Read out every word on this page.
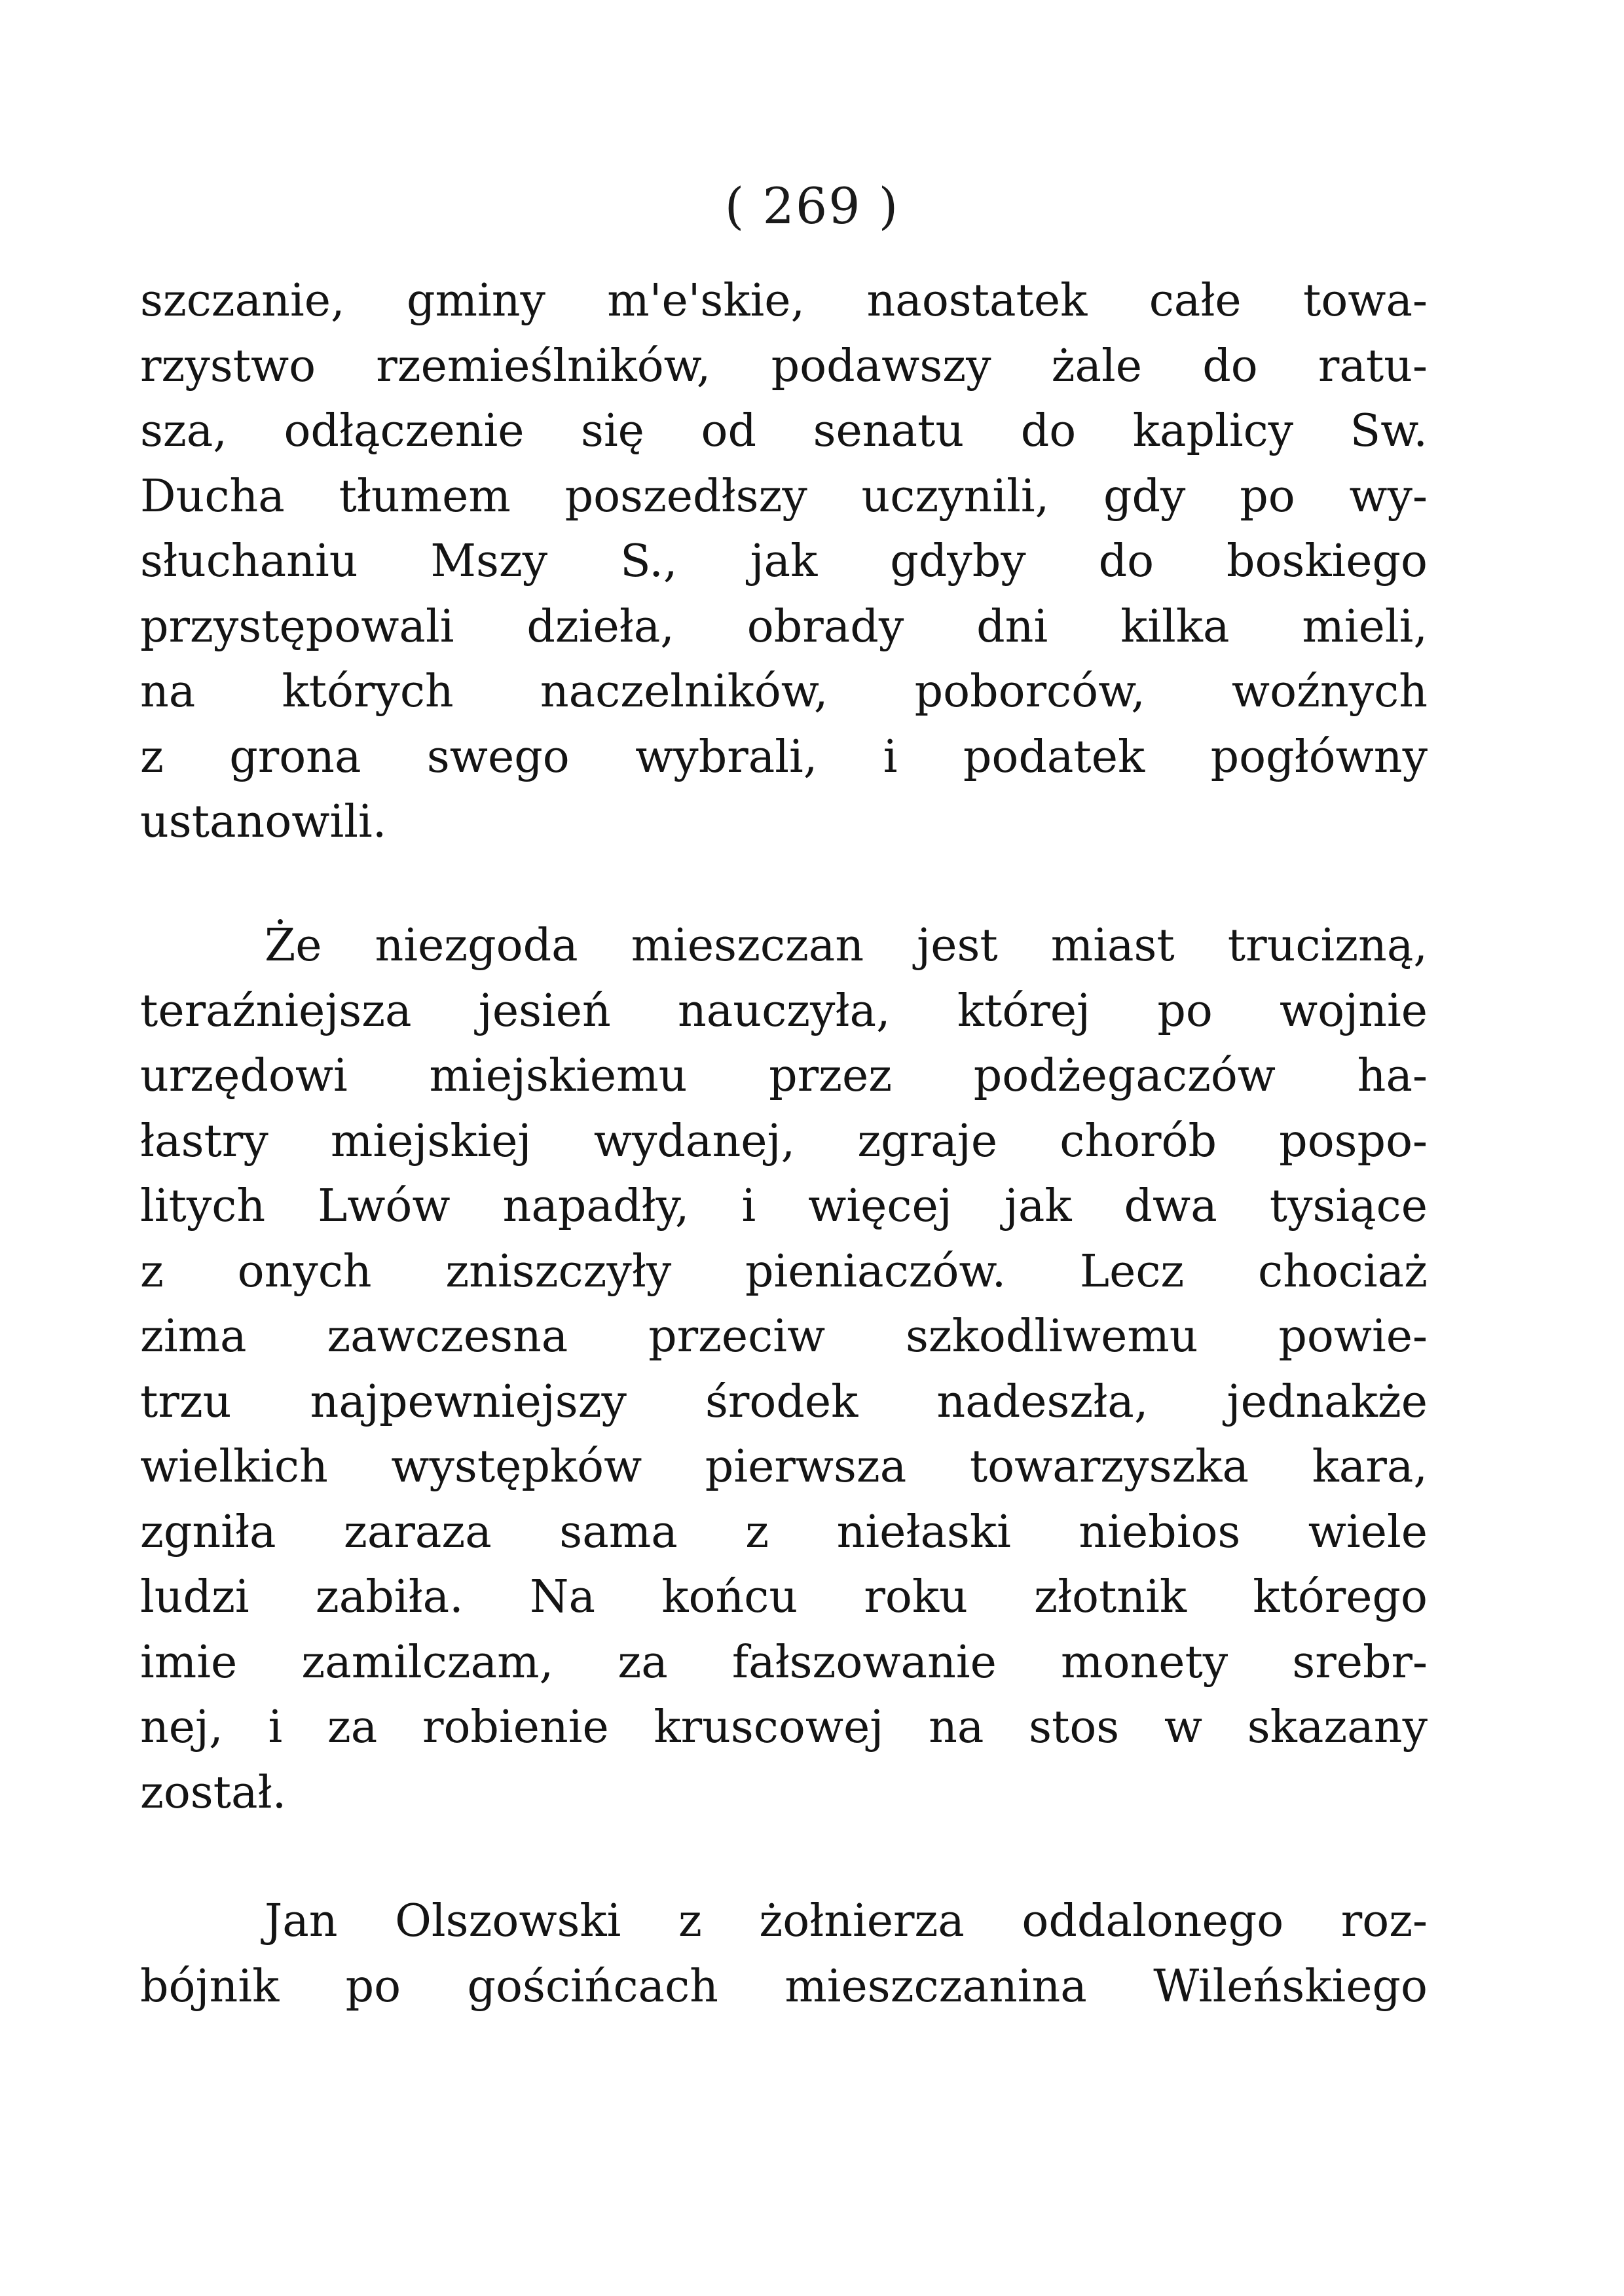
( 269 )
szczanie, gminy m'e'skie, naostatek całe towa-
rzystwo rzemieślników, podawszy żale do ratu-
sza, odłączenie się od senatu do kaplicy Sw.
Ducha tłumem poszedłszy uczynili, gdy po wy-
słuchaniu Mszy S., jak gdyby do boskiego
przystępowali dzieła, obrady dni kilka mieli,
na których naczelników, poborców, woźnych
z grona swego wybrali, i podatek pogłówny
ustanowili.
Że niezgoda mieszczan jest miast trucizną,
teraźniejsza jesień nauczyła, której po wojnie
urzędowi miejskiemu przez podżegaczów ha-
łastry miejskiej wydanej, zgraje chorób pospo-
litych Lwów napadły, i więcej jak dwa tysiące
z onych zniszczyły pieniaczów. Lecz chociaż
zima zawczesna przeciw szkodliwemu powie-
trzu najpewniejszy środek nadeszła, jednakże
wielkich występków pierwsza towarzyszka kara,
zgniła zaraza sama z niełaski niebios wiele
ludzi zabiła. Na końcu roku złotnik którego
imie zamilczam, za fałszowanie monety srebr-
nej, i za robienie kruscowej na stos w skazany
został.
Jan Olszowski z żołnierza oddalonego roz-
bójnik po gościńcach mieszczanina Wileńskiego
